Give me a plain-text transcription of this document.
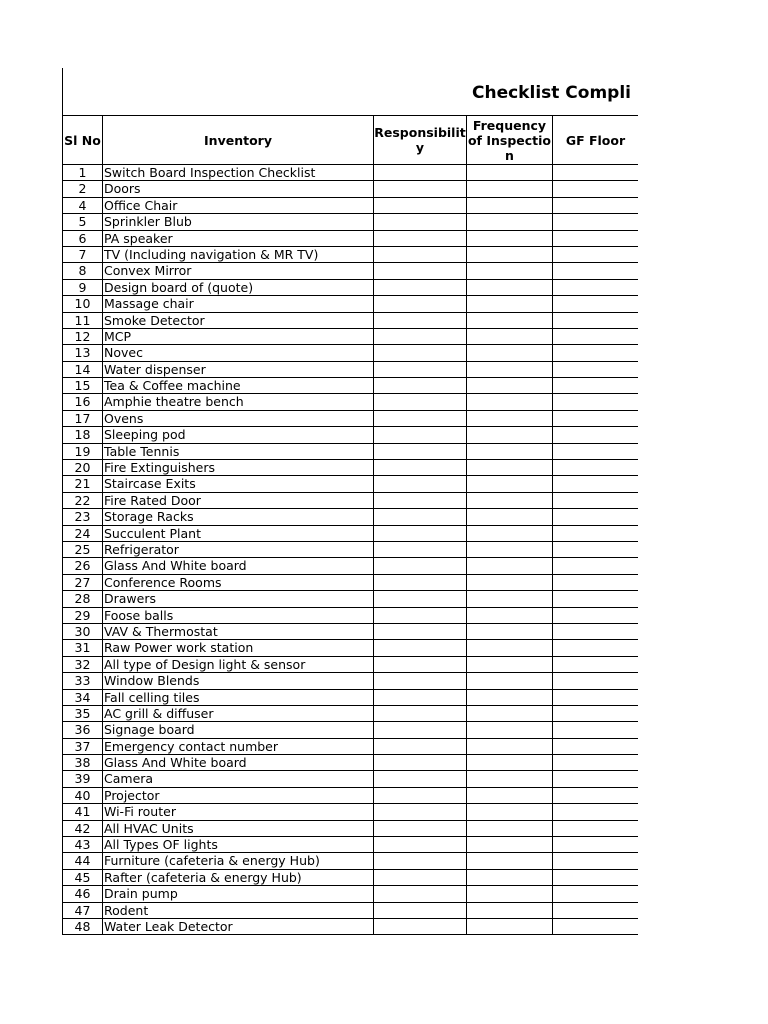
Checklist Compli
Sl No	Inventory	Responsibility	Frequency of Inspection	GF Floor
1	Switch Board Inspection Checklist			
2	Doors			
4	Office Chair			
5	Sprinkler Blub			
6	PA speaker			
7	TV (Including navigation & MR TV)			
8	Convex Mirror			
9	Design board of (quote)			
10	Massage chair			
11	Smoke Detector			
12	MCP			
13	Novec			
14	Water dispenser			
15	Tea & Coffee machine			
16	Amphie theatre bench			
17	Ovens			
18	Sleeping pod			
19	Table Tennis			
20	Fire Extinguishers			
21	Staircase Exits			
22	Fire Rated Door			
23	Storage Racks			
24	Succulent Plant			
25	Refrigerator			
26	Glass And White board			
27	Conference Rooms			
28	Drawers			
29	Foose balls			
30	VAV & Thermostat			
31	Raw Power work station			
32	All type of Design light & sensor			
33	Window Blends			
34	Fall celling tiles			
35	AC grill & diffuser			
36	Signage board			
37	Emergency contact number			
38	Glass And White board			
39	Camera			
40	Projector			
41	Wi-Fi router			
42	All HVAC Units			
43	All Types OF lights			
44	Furniture (cafeteria & energy Hub)			
45	Rafter (cafeteria & energy Hub)			
46	Drain pump			
47	Rodent			
48	Water Leak Detector			
